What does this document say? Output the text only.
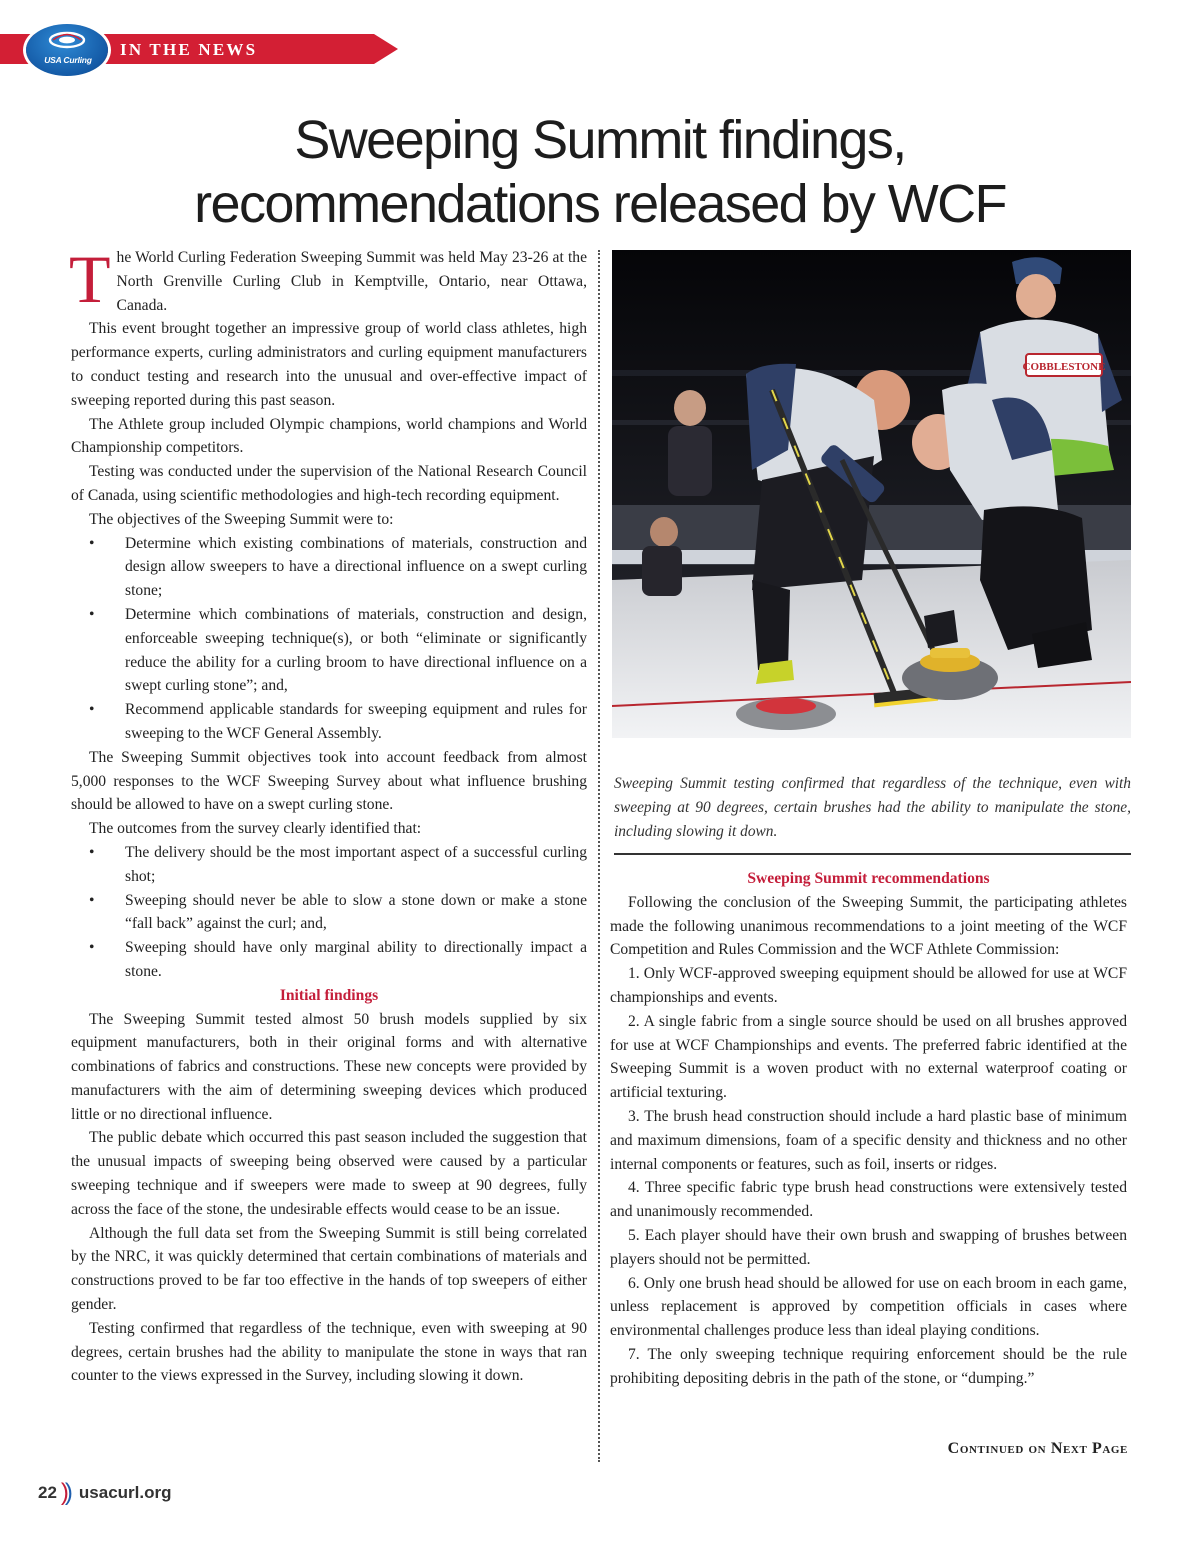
IN THE NEWS
USA Curling
Sweeping Summit findings,
recommendations released by WCF

The World Curling Federation Sweeping Summit was held May 23-26 at the North Grenville Curling Club in Kemptville, Ontario, near Ottawa, Canada.

This event brought together an impressive group of world class athletes, high performance experts, curling administrators and curling equipment manufacturers to conduct testing and research into the unusual and over-effective impact of sweeping reported during this past season.

The Athlete group included Olympic champions, world champions and World Championship competitors.

Testing was conducted under the supervision of the National Research Council of Canada, using scientific methodologies and high-tech recording equipment.

The objectives of the Sweeping Summit were to:

• Determine which existing combinations of materials, construction and design allow sweepers to have a directional influence on a swept curling stone;
• Determine which combinations of materials, construction and design, enforceable sweeping technique(s), or both “eliminate or significantly reduce the ability for a curling broom to have directional influence on a swept curling stone”; and,
• Recommend applicable standards for sweeping equipment and rules for sweeping to the WCF General Assembly.

The Sweeping Summit objectives took into account feedback from almost 5,000 responses to the WCF Sweeping Survey about what influence brushing should be allowed to have on a swept curling stone.

The outcomes from the survey clearly identified that:

• The delivery should be the most important aspect of a successful curling shot;
• Sweeping should never be able to slow a stone down or make a stone “fall back” against the curl; and,
• Sweeping should have only marginal ability to directionally impact a stone.

Initial findings

The Sweeping Summit tested almost 50 brush models supplied by six equipment manufacturers, both in their original forms and with alternative combinations of fabrics and constructions. These new concepts were provided by manufacturers with the aim of determining sweeping devices which produced little or no directional influence.

The public debate which occurred this past season included the suggestion that the unusual impacts of sweeping being observed were caused by a particular sweeping technique and if sweepers were made to sweep at 90 degrees, fully across the face of the stone, the undesirable effects would cease to be an issue.

Although the full data set from the Sweeping Summit is still being correlated by the NRC, it was quickly determined that certain combinations of materials and constructions proved to be far too effective in the hands of top sweepers of either gender.

Testing confirmed that regardless of the technique, even with sweeping at 90 degrees, certain brushes had the ability to manipulate the stone in ways that ran counter to the views expressed in the Survey, including slowing it down.

COBBLESTONE
Sweeping Summit testing confirmed that regardless of the technique, even with sweeping at 90 degrees, certain brushes had the ability to manipulate the stone, including slowing it down.

Sweeping Summit recommendations

Following the conclusion of the Sweeping Summit, the participating athletes made the following unanimous recommendations to a joint meeting of the WCF Competition and Rules Commission and the WCF Athlete Commission:

1. Only WCF-approved sweeping equipment should be allowed for use at WCF championships and events.

2. A single fabric from a single source should be used on all brushes approved for use at WCF Championships and events. The preferred fabric identified at the Sweeping Summit is a woven product with no external waterproof coating or artificial texturing.

3. The brush head construction should include a hard plastic base of minimum and maximum dimensions, foam of a specific density and thickness and no other internal components or features, such as foil, inserts or ridges.

4. Three specific fabric type brush head constructions were extensively tested and unanimously recommended.

5. Each player should have their own brush and swapping of brushes between players should not be permitted.

6. Only one brush head should be allowed for use on each broom in each game, unless replacement is approved by competition officials in cases where environmental challenges produce less than ideal playing conditions.

7. The only sweeping technique requiring enforcement should be the rule prohibiting depositing debris in the path of the stone, or “dumping.”

Continued on Next Page
22 )) usacurl.org
